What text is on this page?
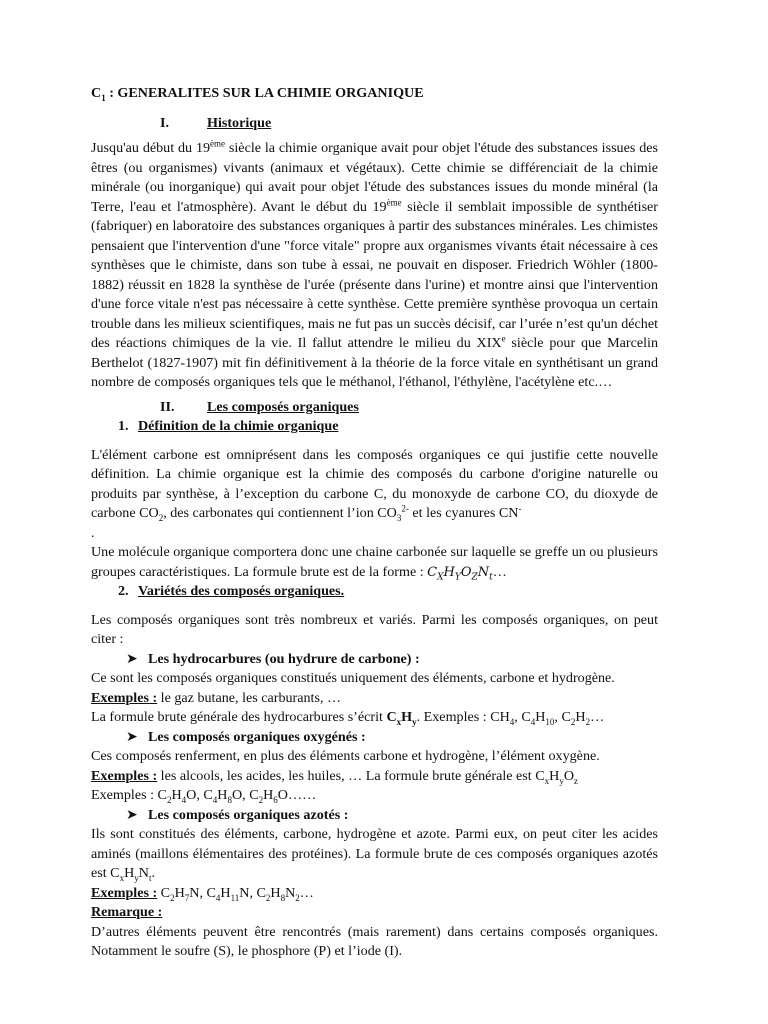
$C_1$ : GENERALITES SUR LA CHIMIE ORGANIQUE

I.	Historique

Jusqu'au début du 19ème siècle la chimie organique avait pour objet l'étude des substances issues des êtres (ou organismes) vivants (animaux et végétaux). Cette chimie se différenciait de la chimie minérale (ou inorganique) qui avait pour objet l'étude des substances issues du monde minéral (la Terre, l'eau et l'atmosphère). Avant le début du 19ème siècle il semblait impossible de synthétiser (fabriquer) en laboratoire des substances organiques à partir des substances minérales. Les chimistes pensaient que l'intervention d'une "force vitale" propre aux organismes vivants était nécessaire à ces synthèses que le chimiste, dans son tube à essai, ne pouvait en disposer. Friedrich Wöhler (1800- 1882) réussit en 1828 la synthèse de l'urée (présente dans l'urine) et montre ainsi que l'intervention d'une force vitale n'est pas nécessaire à cette synthèse. Cette première synthèse provoqua un certain trouble dans les milieux scientifiques, mais ne fut pas un succès décisif, car l’urée n’est qu'un déchet des réactions chimiques de la vie. Il fallut attendre le milieu du XIXe siècle pour que Marcelin Berthelot (1827-1907) mit fin définitivement à la théorie de la force vitale en synthétisant un grand nombre de composés organiques tels que le méthanol, l'éthanol, l'éthylène, l'acétylène etc.…

II. Les composés organiques

1. Définition de la chimie organique

L'élément carbone est omniprésent dans les composés organiques ce qui justifie cette nouvelle définition. La chimie organique est la chimie des composés du carbone d'origine naturelle ou produits par synthèse, à l’exception du carbone C, du monoxyde de carbone CO, du dioxyde de carbone $CO_2$, des carbonates qui contiennent l’ion $CO_3^{2-}$ et les cyanures CN-

.

Une molécule organique comportera donc une chaine carbonée sur laquelle se greffe un ou plusieurs groupes caractéristiques. La formule brute est de la forme : $C_XH_YO_ZN_t\dots$

2. Variétés des composés organiques.

Les composés organiques sont très nombreux et variés. Parmi les composés organiques, on peut citer :

➤ Les hydrocarbures (ou hydrure de carbone) :

Ce sont les composés organiques constitués uniquement des éléments, carbone et hydrogène.

Exemples : le gaz butane, les carburants, …

La formule brute générale des hydrocarbures s’écrit $C_xH_y$. Exemples : $CH_4$, $C_4H_{10}$, $C_2H_2\dots$

➤ Les composés organiques oxygénés :

Ces composés renferment, en plus des éléments carbone et hydrogène, l’élément oxygène.

Exemples : les alcools, les acides, les huiles, … La formule brute générale est $C_xH_yO_z$

Exemples : $C_2H_4O$, $C_4H_8O$, $C_2H_6O\dots\dots$

➤ Les composés organiques azotés :

Ils sont constitués des éléments, carbone, hydrogène et azote. Parmi eux, on peut citer les acides aminés (maillons élémentaires des protéines). La formule brute de ces composés organiques azotés est $C_xH_yN_t$.

Exemples : $C_2H_7N$, $C_4H_{11}N$, $C_2H_8N_2\dots$

Remarque :

D’autres éléments peuvent être rencontrés (mais rarement) dans certains composés organiques. Notamment le soufre (S), le phosphore (P) et l’iode (I).
